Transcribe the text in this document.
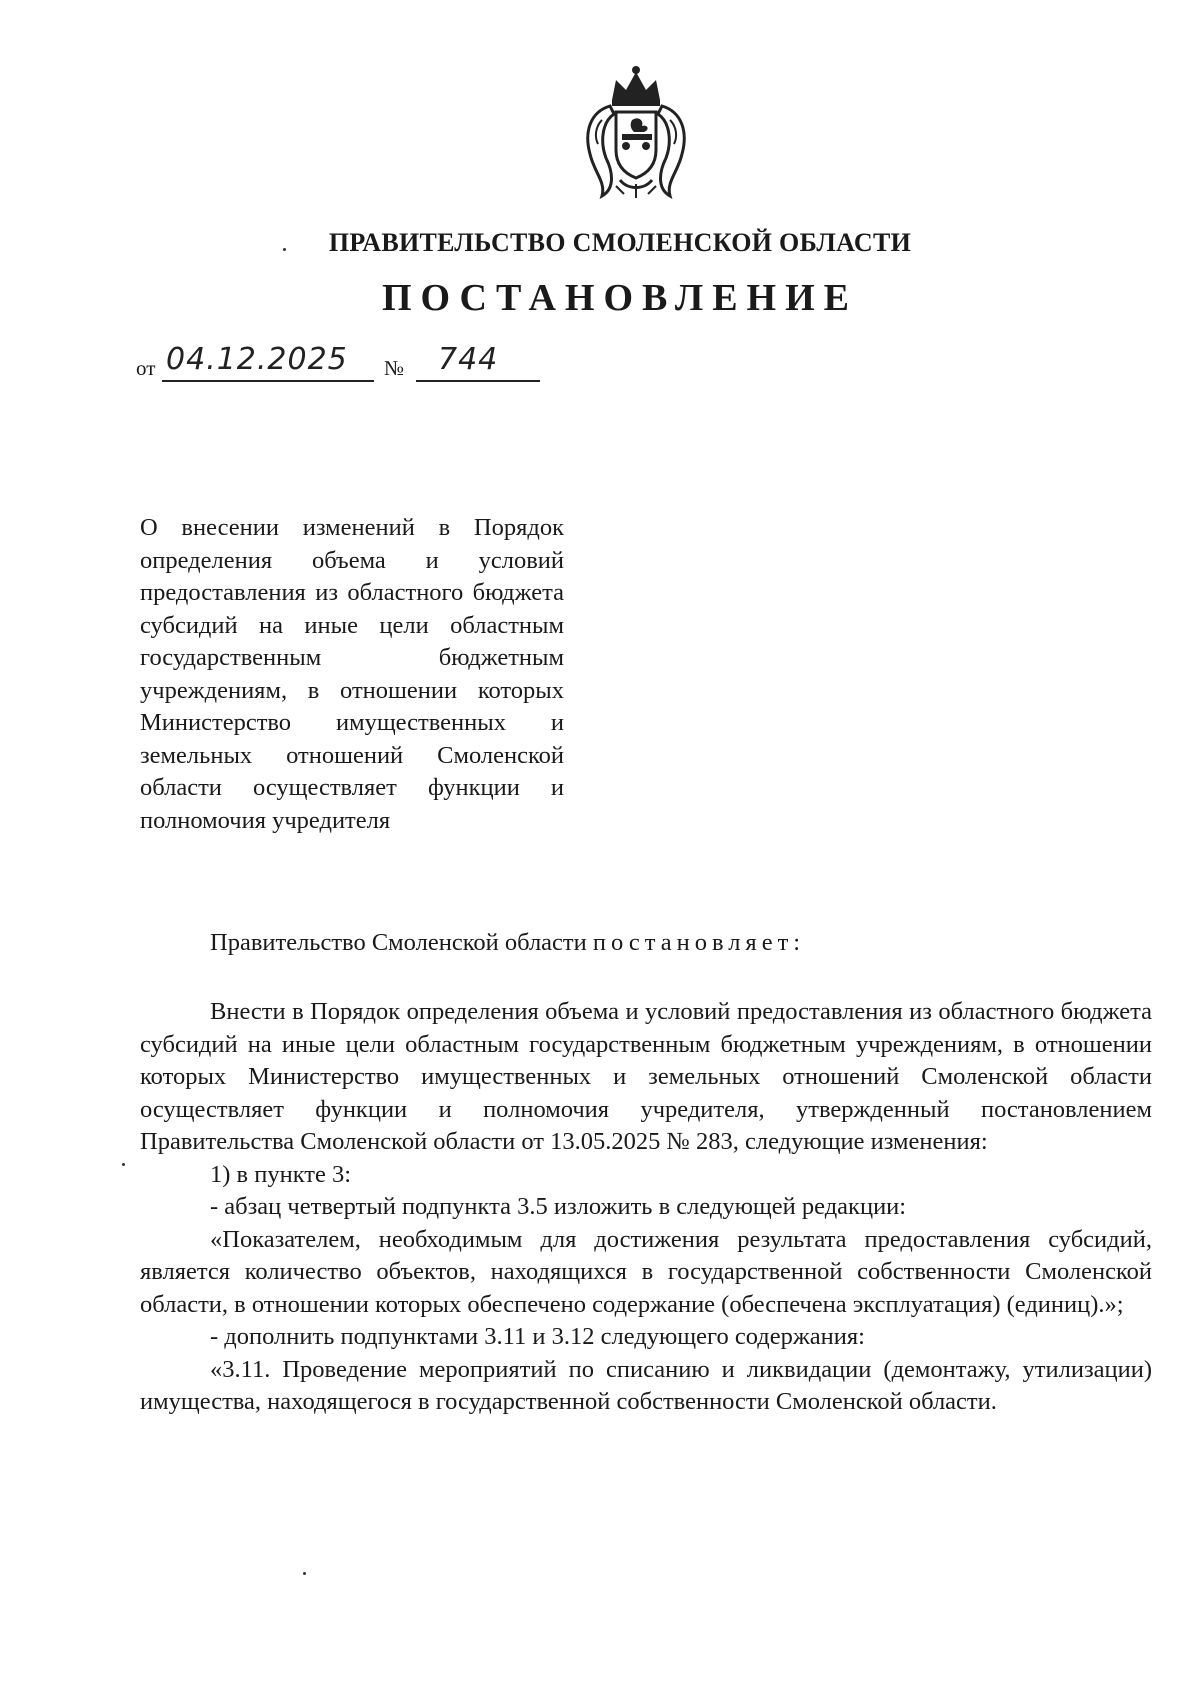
ПРАВИТЕЛЬСТВО СМОЛЕНСКОЙ ОБЛАСТИ
ПОСТАНОВЛЕНИЕ
от 04.12.2025 № 744
О внесении изменений в Порядок определения объема и условий предоставления из областного бюджета субсидий на иные цели областным государственным бюджетным учреждениям, в отношении которых Министерство имущественных и земельных отношений Смоленской области осуществляет функции и полномочия учредителя
Правительство Смоленской области постановляет:

Внести в Порядок определения объема и условий предоставления из областного бюджета субсидий на иные цели областным государственным бюджетным учреждениям, в отношении которых Министерство имущественных и земельных отношений Смоленской области осуществляет функции и полномочия учредителя, утвержденный постановлением Правительства Смоленской области от 13.05.2025 № 283, следующие изменения:

1) в пункте 3:

- абзац четвертый подпункта 3.5 изложить в следующей редакции:

«Показателем, необходимым для достижения результата предоставления субсидий, является количество объектов, находящихся в государственной собственности Смоленской области, в отношении которых обеспечено содержание (обеспечена эксплуатация) (единиц).»;

- дополнить подпунктами 3.11 и 3.12 следующего содержания:

«3.11. Проведение мероприятий по списанию и ликвидации (демонтажу, утилизации) имущества, находящегося в государственной собственности Смоленской области.
